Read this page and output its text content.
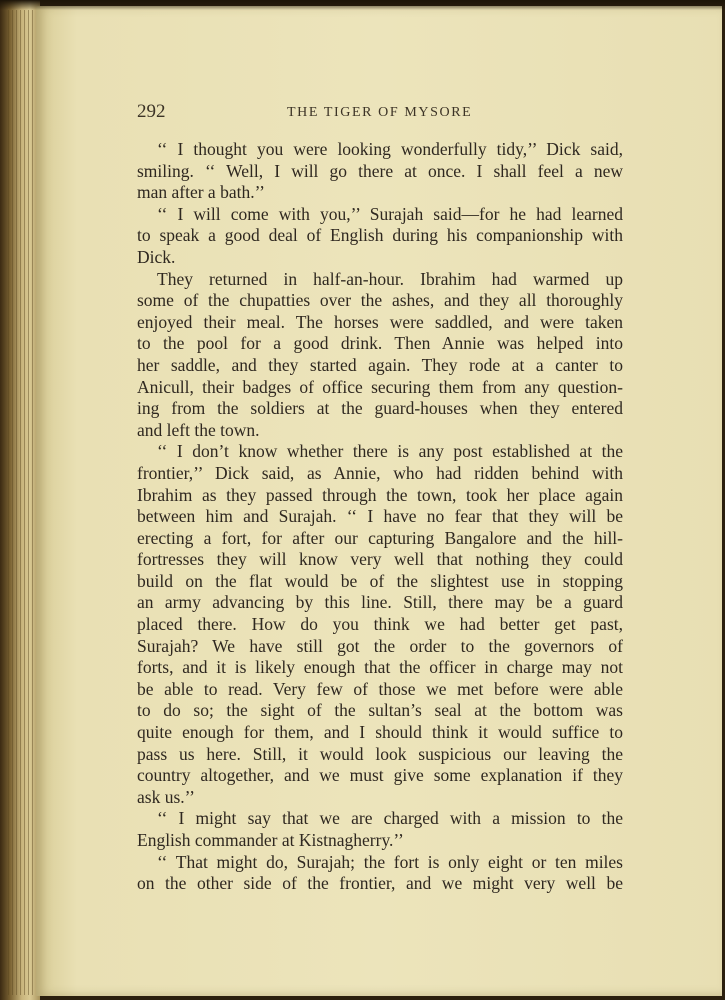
292	THE TIGER OF MYSORE
‘‘ I thought you were looking wonderfully tidy,’’ Dick said,
smiling. ‘‘ Well, I will go there at once. I shall feel a new
man after a bath.’’
‘‘ I will come with you,’’ Surajah said—for he had learned
to speak a good deal of English during his companionship with
Dick.
They returned in half-an-hour. Ibrahim had warmed up
some of the chupatties over the ashes, and they all thoroughly
enjoyed their meal. The horses were saddled, and were taken
to the pool for a good drink. Then Annie was helped into
her saddle, and they started again. They rode at a canter to
Anicull, their badges of office securing them from any question-
ing from the soldiers at the guard-houses when they entered
and left the town.
‘‘ I don’t know whether there is any post established at the
frontier,’’ Dick said, as Annie, who had ridden behind with
Ibrahim as they passed through the town, took her place again
between him and Surajah. ‘‘ I have no fear that they will be
erecting a fort, for after our capturing Bangalore and the hill-
fortresses they will know very well that nothing they could
build on the flat would be of the slightest use in stopping
an army advancing by this line. Still, there may be a guard
placed there. How do you think we had better get past,
Surajah? We have still got the order to the governors of
forts, and it is likely enough that the officer in charge may not
be able to read. Very few of those we met before were able
to do so; the sight of the sultan’s seal at the bottom was
quite enough for them, and I should think it would suffice to
pass us here. Still, it would look suspicious our leaving the
country altogether, and we must give some explanation if they
ask us.’’
‘‘ I might say that we are charged with a mission to the
English commander at Kistnagherry.’’
‘‘ That might do, Surajah; the fort is only eight or ten miles
on the other side of the frontier, and we might very well be
